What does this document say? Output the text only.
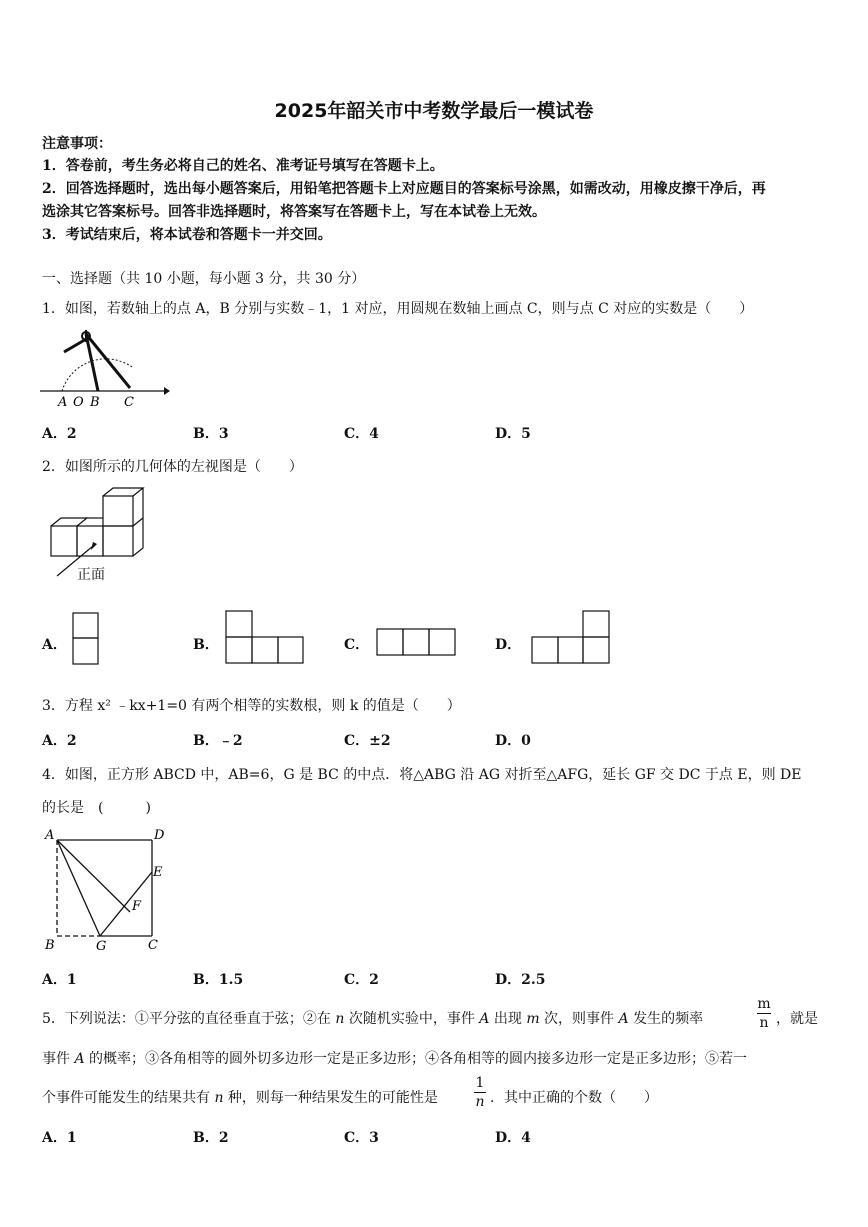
2025年韶关市中考数学最后一模试卷
注意事项：
1．答卷前，考生务必将自己的姓名、准考证号填写在答题卡上。
2．回答选择题时，选出每小题答案后，用铅笔把答题卡上对应题目的答案标号涂黑，如需改动，用橡皮擦干净后，再
选涂其它答案标号。回答非选择题时，将答案写在答题卡上，写在本试卷上无效。
3．考试结束后，将本试卷和答题卡一并交回。
一、选择题（共 10 小题，每小题 3 分，共 30 分）
1．如图，若数轴上的点 A，B 分别与实数﹣1，1 对应，用圆规在数轴上画点 C，则与点 C 对应的实数是（　　）
A O B C
A．2	B．3	C．4	D．5
2．如图所示的几何体的左视图是（　　）
正面
A．	B．	C．	D．
3．方程 x² ﹣kx+1=0 有两个相等的实数根，则 k 的值是（　　）
A．2	B．﹣2	C．±2	D．0
4．如图，正方形 ABCD 中，AB=6，G 是 BC 的中点．将△ABG 沿 AG 对折至△AFG，延长 GF 交 DC 于点 E，则 DE
的长是　(　　　)
A	D
E
F
B	G	C
A．1	B．1.5	C．2	D．2.5
5．下列说法：①平分弦的直径垂直于弦；②在 n 次随机实验中，事件 A 出现 m 次，则事件 A 发生的频率
m
n ，就是
事件 A 的概率；③各角相等的圆外切多边形一定是正多边形；④各角相等的圆内接多边形一定是正多边形；⑤若一
个事件可能发生的结果共有 n 种，则每一种结果发生的可能性是
1
n ．其中正确的个数（　　）
A．1	B．2	C．3	D．4
